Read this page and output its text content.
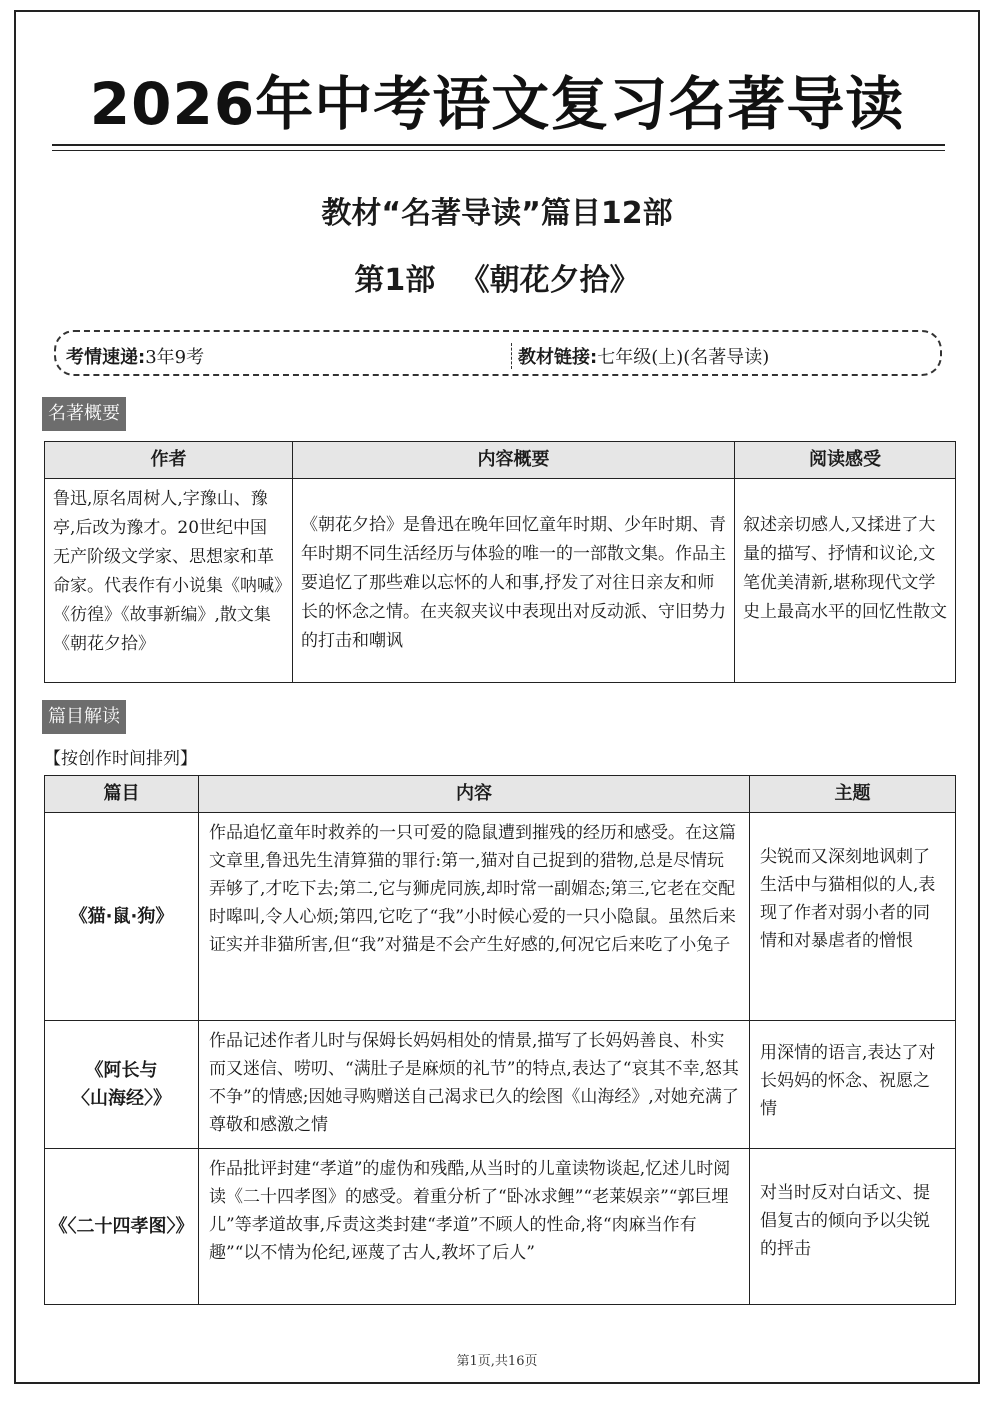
2026年中考语文复习名著导读
教材“名著导读”篇目12部
第1部 《朝花夕拾》
考情速递:3年9考	教材链接:七年级(上)(名著导读)
名著概要
作者	内容概要	阅读感受
鲁迅,原名周树人,字豫山、豫亭,后改为豫才。20世纪中国无产阶级文学家、思想家和革命家。代表作有小说集《呐喊》《彷徨》《故事新编》,散文集《朝花夕拾》	《朝花夕拾》是鲁迅在晚年回忆童年时期、少年时期、青年时期不同生活经历与体验的唯一的一部散文集。作品主要追忆了那些难以忘怀的人和事,抒发了对往日亲友和师长的怀念之情。在夹叙夹议中表现出对反动派、守旧势力的打击和嘲讽	叙述亲切感人,又揉进了大量的描写、抒情和议论,文笔优美清新,堪称现代文学史上最高水平的回忆性散文
篇目解读
【按创作时间排列】
篇目	内容	主题

《猫·鼠·狗》	作品追忆童年时救养的一只可爱的隐鼠遭到摧残的经历和感受。在这篇文章里,鲁迅先生清算猫的罪行:第一,猫对自己捉到的猎物,总是尽情玩弄够了,才吃下去;第二,它与狮虎同族,却时常一副媚态;第三,它老在交配时嗥叫,令人心烦;第四,它吃了“我”小时候心爱的一只小隐鼠。虽然后来证实并非猫所害,但“我”对猫是不会产生好感的,何况它后来吃了小兔子	尖锐而又深刻地讽刺了生活中与猫相似的人,表现了作者对弱小者的同情和对暴虐者的憎恨

《阿长与
〈山海经〉》	作品记述作者儿时与保姆长妈妈相处的情景,描写了长妈妈善良、朴实而又迷信、唠叨、“满肚子是麻烦的礼节”的特点,表达了“哀其不幸,怒其不争”的情感;因她寻购赠送自己渴求已久的绘图《山海经》,对她充满了尊敬和感激之情	用深情的语言,表达了对长妈妈的怀念、祝愿之情

《〈二十四孝图〉》	作品批评封建“孝道”的虚伪和残酷,从当时的儿童读物谈起,忆述儿时阅读《二十四孝图》的感受。着重分析了“卧冰求鲤”“老莱娱亲”“郭巨埋儿”等孝道故事,斥责这类封建“孝道”不顾人的性命,将“肉麻当作有趣”“以不情为伦纪,诬蔑了古人,教坏了后人”	对当时反对白话文、提倡复古的倾向予以尖锐的抨击
第1页,共16页
